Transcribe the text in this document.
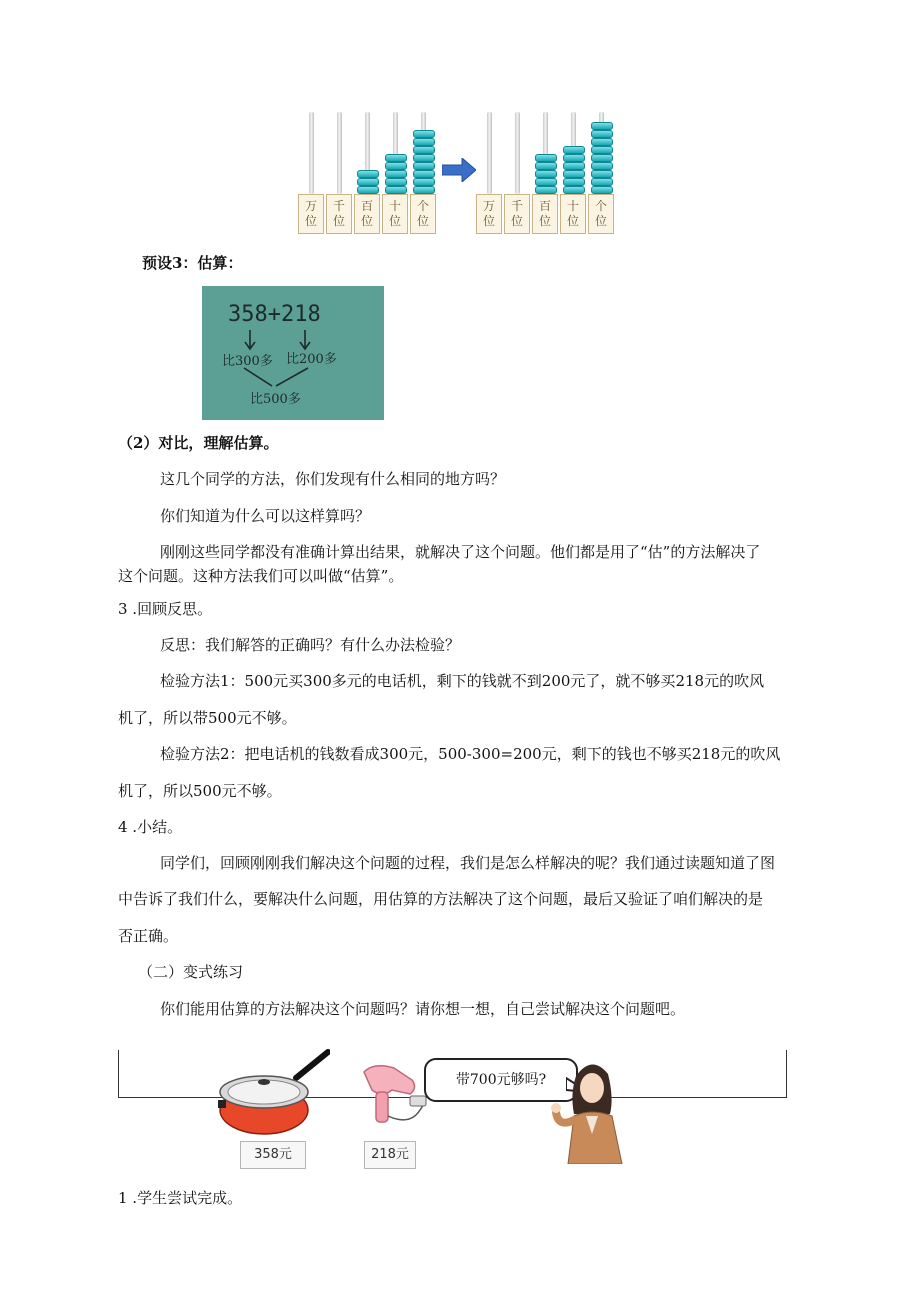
万
位
千
位
百
位
十
位
个
位
万
位
千
位
百
位
十
位
个
位
预设3：估算：
358+218
比300多 比200多
比500多
（2）对比，理解估算。
这几个同学的方法，你们发现有什么相同的地方吗？
你们知道为什么可以这样算吗？
刚刚这些同学都没有准确计算出结果，就解决了这个问题。他们都是用了“估”的方法解决了
这个问题。这种方法我们可以叫做“估算”。
3 .回顾反思。
反思：我们解答的正确吗？有什么办法检验？
检验方法1：500元买300多元的电话机，剩下的钱就不到200元了，就不够买218元的吹风
机了，所以带500元不够。
检验方法2：把电话机的钱数看成300元，500-300=200元，剩下的钱也不够买218元的吹风
机了，所以500元不够。
4 .小结。
同学们，回顾刚刚我们解决这个问题的过程，我们是怎么样解决的呢？我们通过读题知道了图
中告诉了我们什么，要解决什么问题，用估算的方法解决了这个问题，最后又验证了咱们解决的是
否正确。
（二）变式练习
你们能用估算的方法解决这个问题吗？请你想一想，自己尝试解决这个问题吧。
358元	218元
带700元够吗?
1 .学生尝试完成。
